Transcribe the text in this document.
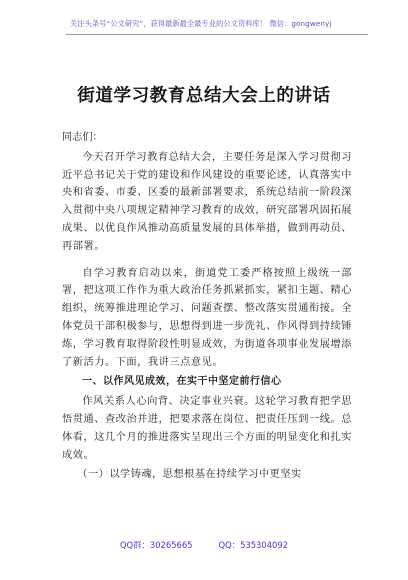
关注头条号“公文研究”，获得最新最全最专业的公文资料库！ 微信：gongwenyj
街道学习教育总结大会上的讲话

同志们：

今天召开学习教育总结大会，主要任务是深入学习贯彻习近平总书记关于党的建设和作风建设的重要论述，认真落实中央和省委、市委、区委的最新部署要求，系统总结前一阶段深入贯彻中央八项规定精神学习教育的成效，研究部署巩固拓展成果、以优良作风推动高质量发展的具体举措，做到再动员、再部署。

自学习教育启动以来，街道党工委严格按照上级统一部署，把这项工作作为重大政治任务抓紧抓实，紧扣主题、精心组织，统筹推进理论学习、问题查摆、整改落实贯通衔接。全体党员干部积极参与，思想得到进一步洗礼、作风得到持续锤炼，学习教育取得阶段性明显成效，为街道各项事业发展增添了新活力。下面，我讲三点意见。

一、以作风见成效，在实干中坚定前行信心

作风关系人心向背、决定事业兴衰。这轮学习教育把学思悟贯通、查改治并进，把要求落在岗位、把责任压到一线。总体看，这几个月的推进落实呈现出三个方面的明显变化和扎实成效。

（一）以学铸魂，思想根基在持续学习中更坚实

QQ群：30265665	QQ：535304092
